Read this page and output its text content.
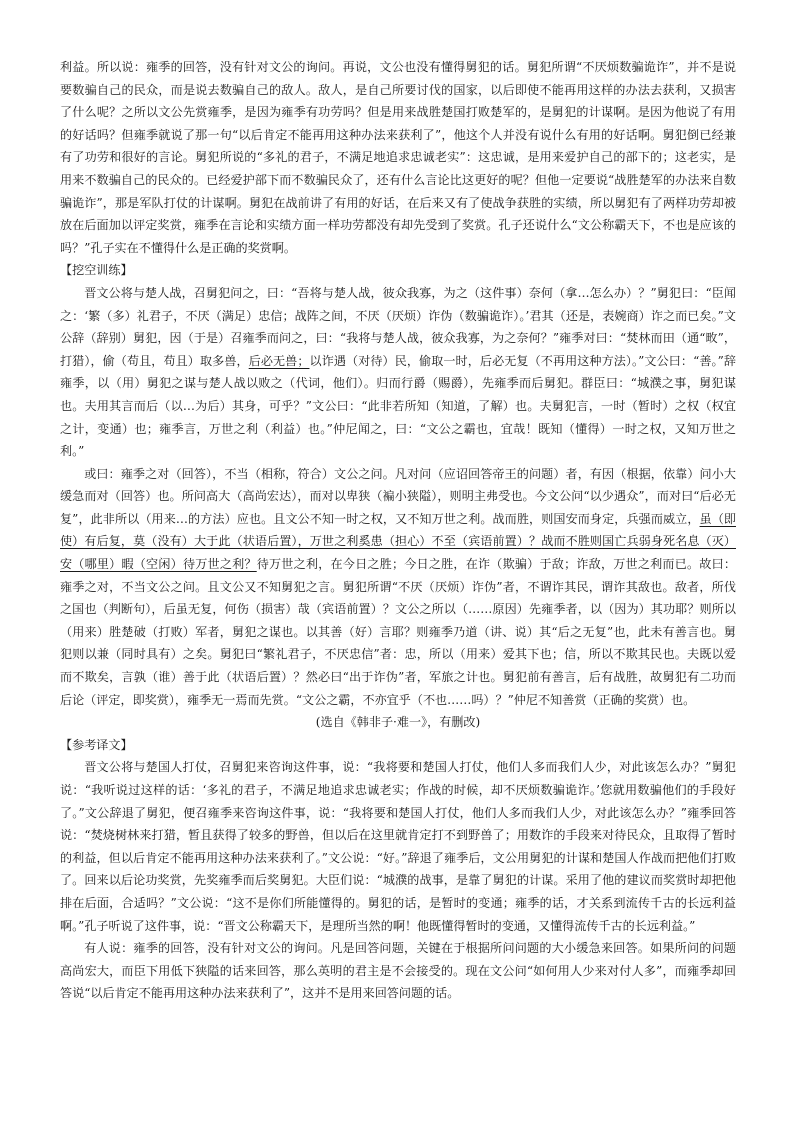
利益。所以说：雍季的回答，没有针对文公的询问。再说，文公也没有懂得舅犯的话。舅犯所谓“不厌烦数骗诡诈”，并不是说要数骗自己的民众，而是说去数骗自己的敌人。敌人，是自己所要讨伐的国家，以后即使不能再用这样的办法去获利，又损害了什么呢？之所以文公先赏雍季，是因为雍季有功劳吗？但是用来战胜楚国打败楚军的，是舅犯的计谋啊。是因为他说了有用的好话吗？但雍季就说了那一句“以后肯定不能再用这种办法来获利了”，他这个人并没有说什么有用的好话啊。舅犯倒已经兼有了功劳和很好的言论。舅犯所说的“多礼的君子，不满足地追求忠诚老实”：这忠诚，是用来爱护自己的部下的；这老实，是用来不数骗自己的民众的。已经爱护部下而不数骗民众了，还有什么言论比这更好的呢？但他一定要说“战胜楚军的办法来自数骗诡诈”，那是军队打仗的计谋啊。舅犯在战前讲了有用的好话，在后来又有了使战争获胜的实绩，所以舅犯有了两样功劳却被放在后面加以评定奖赏，雍季在言论和实绩方面一样功劳都没有却先受到了奖赏。孔子还说什么“文公称霸天下，不也是应该的吗？”孔子实在不懂得什么是正确的奖赏啊。

【挖空训练】

晋文公将与楚人战，召舅犯问之，曰：“吾将与楚人战，彼众我寡，为之（这件事）奈何（拿…怎么办）？”舅犯曰：“臣闻之：‘繁（多）礼君子，不厌（满足）忠信；战阵之间，不厌（厌烦）诈伪（数骗诡诈）。’君其（还是，表婉商）诈之而已矣。”文公辞（辞别）舅犯，因（于是）召雍季而问之，曰：“我将与楚人战，彼众我寡，为之奈何？”雍季对曰：“焚林而田（通“畋”，打猎），偷（苟且，苟且）取多兽，后必无兽；以诈遇（对待）民，偷取一时，后必无复（不再用这种方法）。”文公曰：“善。”辞雍季，以（用）舅犯之谋与楚人战以败之（代词，他们）。归而行爵（赐爵），先雍季而后舅犯。群臣曰：“城濮之事，舅犯谋也。夫用其言而后（以…为后）其身，可乎？”文公曰：“此非若所知（知道，了解）也。夫舅犯言，一时（暂时）之权（权宜之计，变通）也；雍季言，万世之利（利益）也。”仲尼闻之，曰：“文公之霸也，宜哉！既知（懂得）一时之权，又知万世之利。”

或曰：雍季之对（回答），不当（相称，符合）文公之问。凡对问（应诏回答帝王的问题）者，有因（根据，依靠）问小大缓急而对（回答）也。所问高大（高尚宏达），而对以卑狭（褊小狭隘），则明主弗受也。今文公问“以少遇众”，而对曰“后必无复”，此非所以（用来…的方法）应也。且文公不知一时之权，又不知万世之利。战而胜，则国安而身定，兵强而威立，虽（即使）有后复，莫（没有）大于此（状语后置），万世之利奚患（担心）不至（宾语前置）？战而不胜则国亡兵弱身死名息（灭）安（哪里）暇（空闲）待万世之利？待万世之利，在今日之胜；今日之胜，在诈（欺骗）于敌；诈敌，万世之利而已。故曰：雍季之对，不当文公之问。且文公又不知舅犯之言。舅犯所谓“不厌（厌烦）诈伪”者，不谓诈其民，谓诈其敌也。敌者，所伐之国也（判断句），后虽无复，何伤（损害）哉（宾语前置）？文公之所以（……原因）先雍季者，以（因为）其功耶？则所以（用来）胜楚破（打败）军者，舅犯之谋也。以其善（好）言耶？则雍季乃道（讲、说）其“后之无复”也，此未有善言也。舅犯则以兼（同时具有）之矣。舅犯曰“繁礼君子，不厌忠信”者：忠，所以（用来）爱其下也；信，所以不欺其民也。夫既以爱而不欺矣，言孰（谁）善于此（状语后置）？然必曰“出于诈伪”者，军旅之计也。舅犯前有善言，后有战胜，故舅犯有二功而后论（评定，即奖赏），雍季无一焉而先赏。“文公之霸，不亦宜乎（不也……吗）？”仲尼不知善赏（正确的奖赏）也。

(选自《韩非子·难一》，有删改)

【参考译文】

晋文公将与楚国人打仗，召舅犯来咨询这件事，说：“我将要和楚国人打仗，他们人多而我们人少，对此该怎么办？”舅犯说：“我听说过这样的话：‘多礼的君子，不满足地追求忠诚老实；作战的时候，却不厌烦数骗诡诈。’您就用数骗他们的手段好了。”文公辞退了舅犯，便召雍季来咨询这件事，说：“我将要和楚国人打仗，他们人多而我们人少，对此该怎么办？”雍季回答说：“焚烧树林来打猎，暂且获得了较多的野兽，但以后在这里就肯定打不到野兽了；用数诈的手段来对待民众，且取得了暂时的利益，但以后肯定不能再用这种办法来获利了。”文公说：“好。”辞退了雍季后，文公用舅犯的计谋和楚国人作战而把他们打败了。回来以后论功奖赏，先奖雍季而后奖舅犯。大臣们说：“城濮的战事，是靠了舅犯的计谋。采用了他的建议而奖赏时却把他排在后面，合适吗？”文公说：“这不是你们所能懂得的。舅犯的话，是暂时的变通；雍季的话，才关系到流传千古的长远利益啊。”孔子听说了这件事，说：“晋文公称霸天下，是理所当然的啊！他既懂得暂时的变通，又懂得流传千古的长远利益。”

有人说：雍季的回答，没有针对文公的询问。凡是回答问题，关键在于根据所问问题的大小缓急来回答。如果所问的问题高尚宏大，而臣下用低下狭隘的话来回答，那么英明的君主是不会接受的。现在文公问“如何用人少来对付人多”，而雍季却回答说“以后肯定不能再用这种办法来获利了”，这并不是用来回答问题的话。
